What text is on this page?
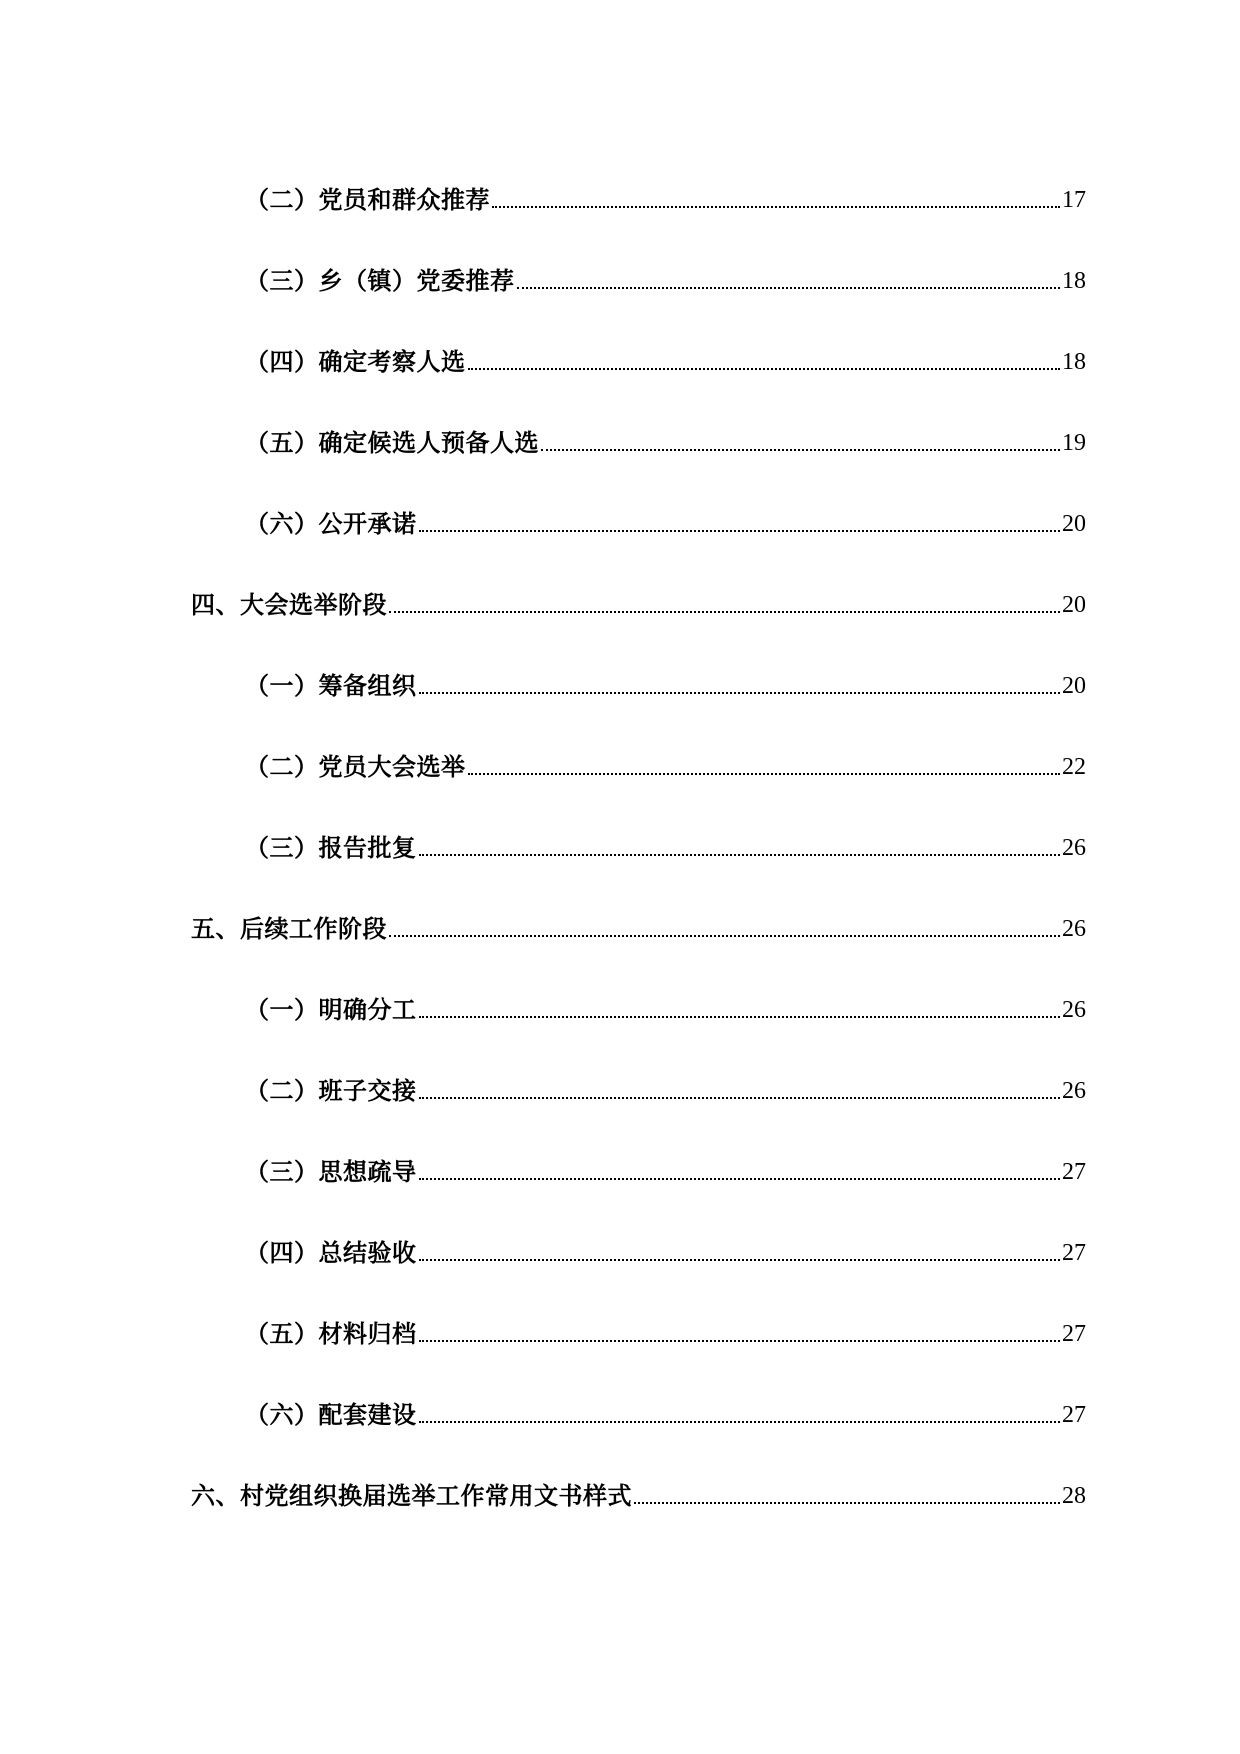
（二）党员和群众推荐	17
（三）乡（镇）党委推荐	18
（四）确定考察人选	18
（五）确定候选人预备人选	19
（六）公开承诺	20
四、大会选举阶段	20
（一）筹备组织	20
（二）党员大会选举	22
（三）报告批复	26
五、后续工作阶段	26
（一）明确分工	26
（二）班子交接	26
（三）思想疏导	27
（四）总结验收	27
（五）材料归档	27
（六）配套建设	27
六、村党组织换届选举工作常用文书样式	28
